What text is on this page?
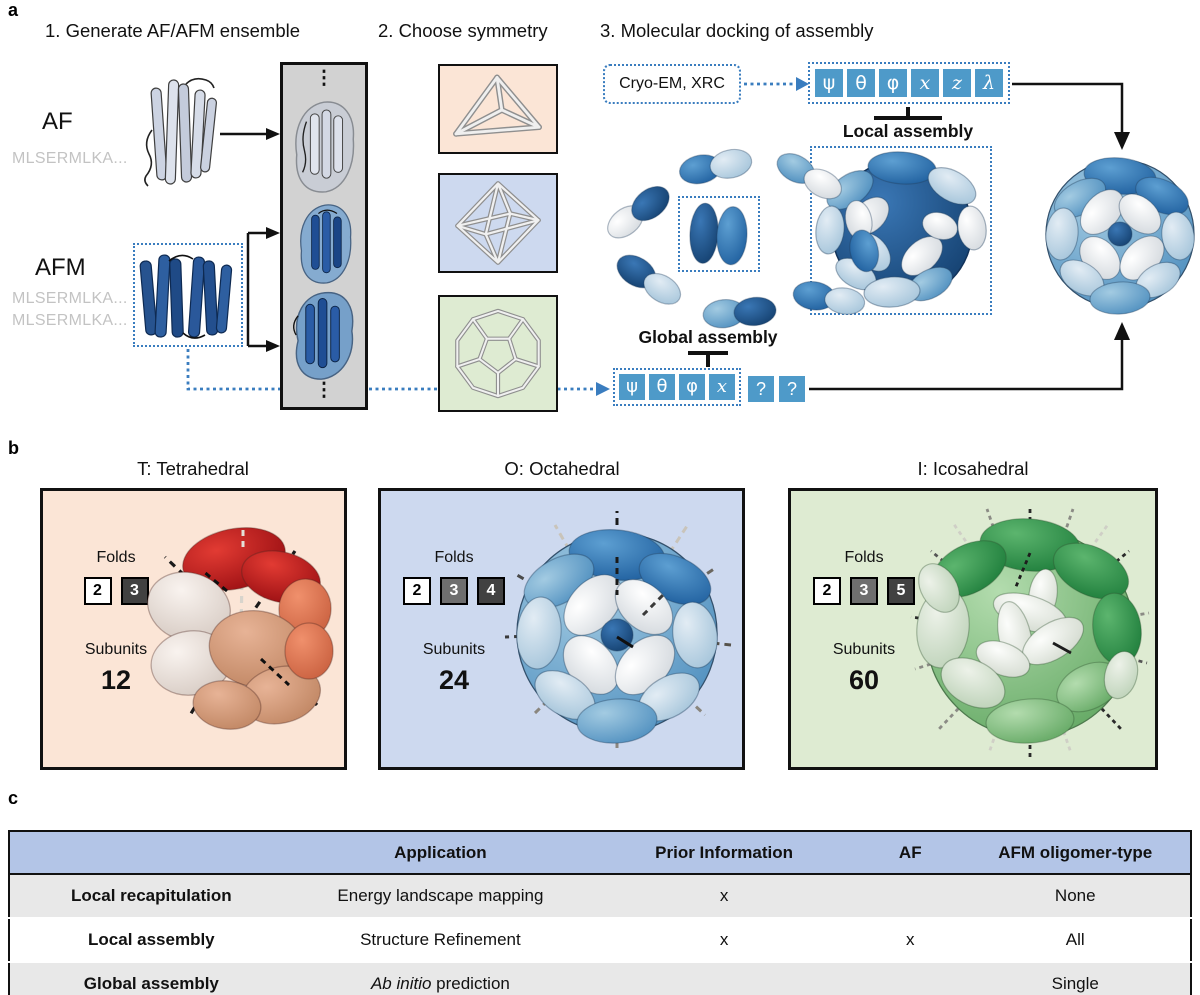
a
1. Generate AF/AFM ensemble	2. Choose symmetry	3. Molecular docking of assembly
AF
MLSERMLKA...
AFM
MLSERMLKA...
MLSERMLKA...
⋮
⋮
Cryo-EM, XRC	ψ	θ	φ	x	z	λ
Local assembly
Global assembly
ψ	θ	φ	x	?	?
b
T: Tetrahedral	O: Octahedral	I: Icosahedral
Folds
2	3
Subunits
12
Folds
2	3	4
Subunits
24
Folds
2	3	5
Subunits
60
c
	Application	Prior Information	AF	AFM oligomer-type
Local recapitulation	Energy landscape mapping	x		None
Local assembly	Structure Refinement	x	x	All
Global assembly	Ab initio prediction			Single
